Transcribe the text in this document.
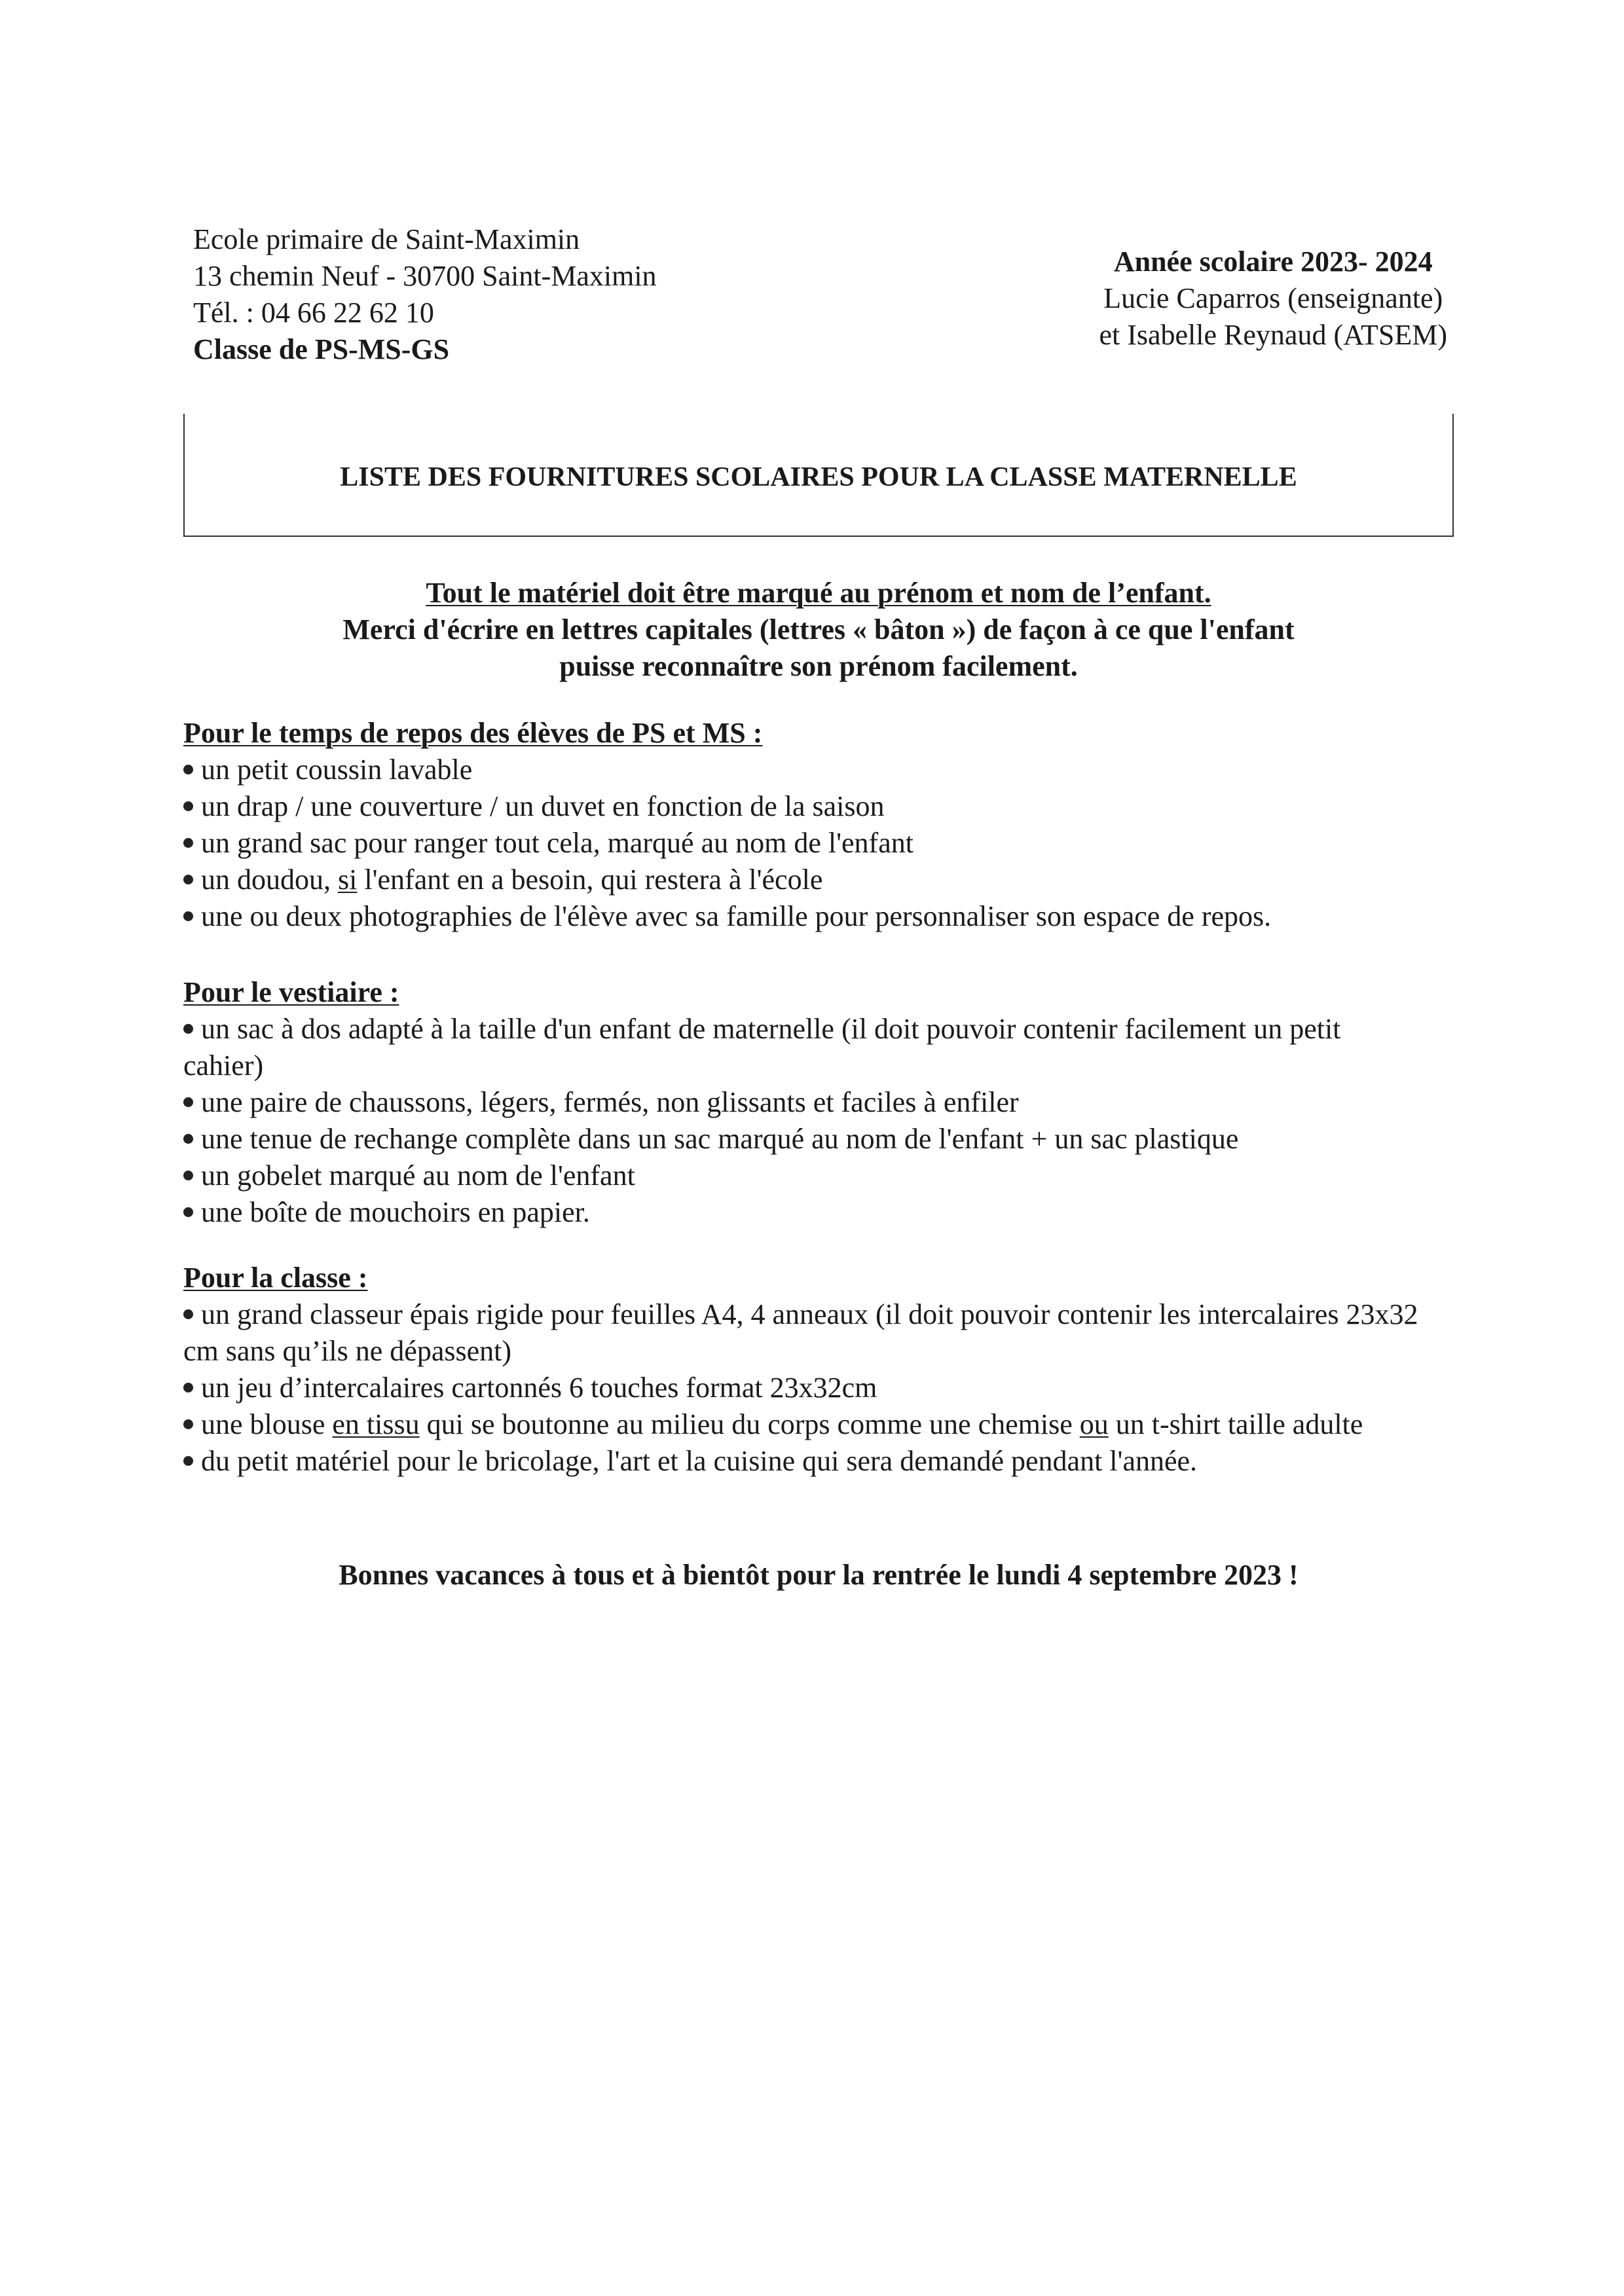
Ecole primaire de Saint-Maximin
13 chemin Neuf - 30700 Saint-Maximin
Tél. : 04 66 22 62 10
Classe de PS-MS-GS
Année scolaire 2023- 2024
Lucie Caparros (enseignante)
et Isabelle Reynaud (ATSEM)
LISTE DES FOURNITURES SCOLAIRES POUR LA CLASSE MATERNELLE
Tout le matériel doit être marqué au prénom et nom de l’enfant.
Merci d'écrire en lettres capitales (lettres « bâton ») de façon à ce que l'enfant
puisse reconnaître son prénom facilement.
Pour le temps de repos des élèves de PS et MS :
un petit coussin lavable
un drap / une couverture / un duvet en fonction de la saison
un grand sac pour ranger tout cela, marqué au nom de l'enfant
un doudou, si l'enfant en a besoin, qui restera à l'école
une ou deux photographies de l'élève avec sa famille pour personnaliser son espace de repos.
Pour le vestiaire :
un sac à dos adapté à la taille d'un enfant de maternelle (il doit pouvoir contenir facilement un petit cahier)
une paire de chaussons, légers, fermés, non glissants et faciles à enfiler
une tenue de rechange complète dans un sac marqué au nom de l'enfant + un sac plastique
un gobelet marqué au nom de l'enfant
une boîte de mouchoirs en papier.
Pour la classe :
un grand classeur épais rigide pour feuilles A4, 4 anneaux (il doit pouvoir contenir les intercalaires 23x32 cm sans qu’ils ne dépassent)
un jeu d’intercalaires cartonnés 6 touches format 23x32cm
une blouse en tissu qui se boutonne au milieu du corps comme une chemise ou un t-shirt taille adulte
du petit matériel pour le bricolage, l'art et la cuisine qui sera demandé pendant l'année.
Bonnes vacances à tous et à bientôt pour la rentrée le lundi 4 septembre 2023 !
